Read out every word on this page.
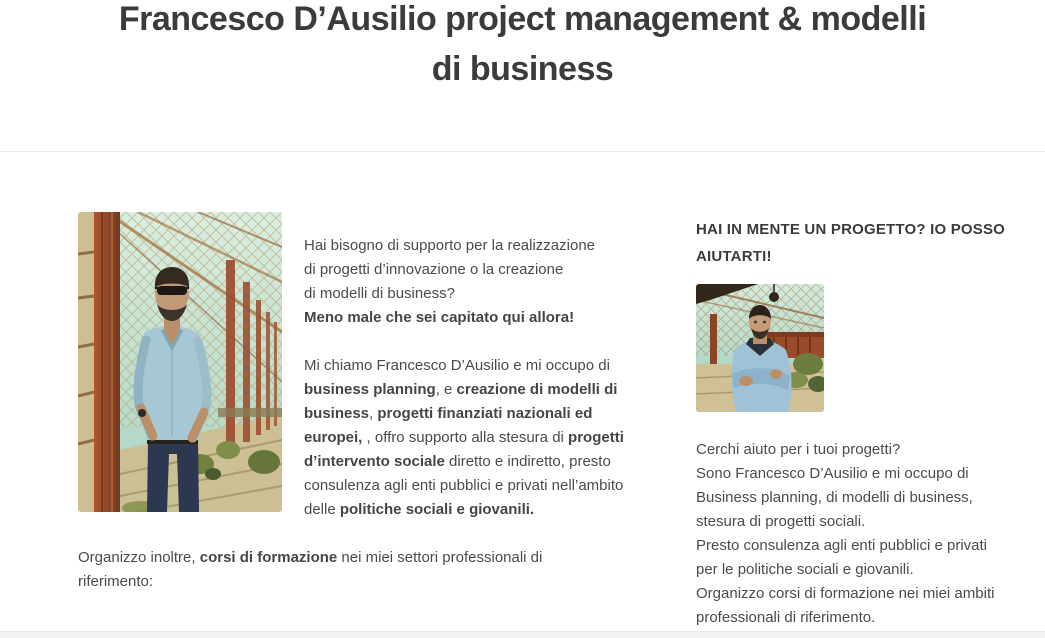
Francesco D’Ausilio project management & modelli
di business

Hai bisogno di supporto per la realizzazione
di progetti d’innovazione o la creazione
di modelli di business?
Meno male che sei capitato qui allora!

Mi chiamo Francesco D’Ausilio e mi occupo di business planning, e creazione di modelli di business, progetti finanziati nazionali ed europei, , offro supporto alla stesura di progetti d’intervento sociale diretto e indiretto, presto consulenza agli enti pubblici e privati nell’ambito delle politiche sociali e giovanili.

Organizzo inoltre, corsi di formazione nei miei settori professionali di
riferimento:

HAI IN MENTE UN PROGETTO? IO POSSO AIUTARTI!

Cerchi aiuto per i tuoi progetti?
Sono Francesco D’Ausilio e mi occupo di Business planning, di modelli di business, stesura di progetti sociali.
Presto consulenza agli enti pubblici e privati per le politiche sociali e giovanili.
Organizzo corsi di formazione nei miei ambiti professionali di riferimento.
